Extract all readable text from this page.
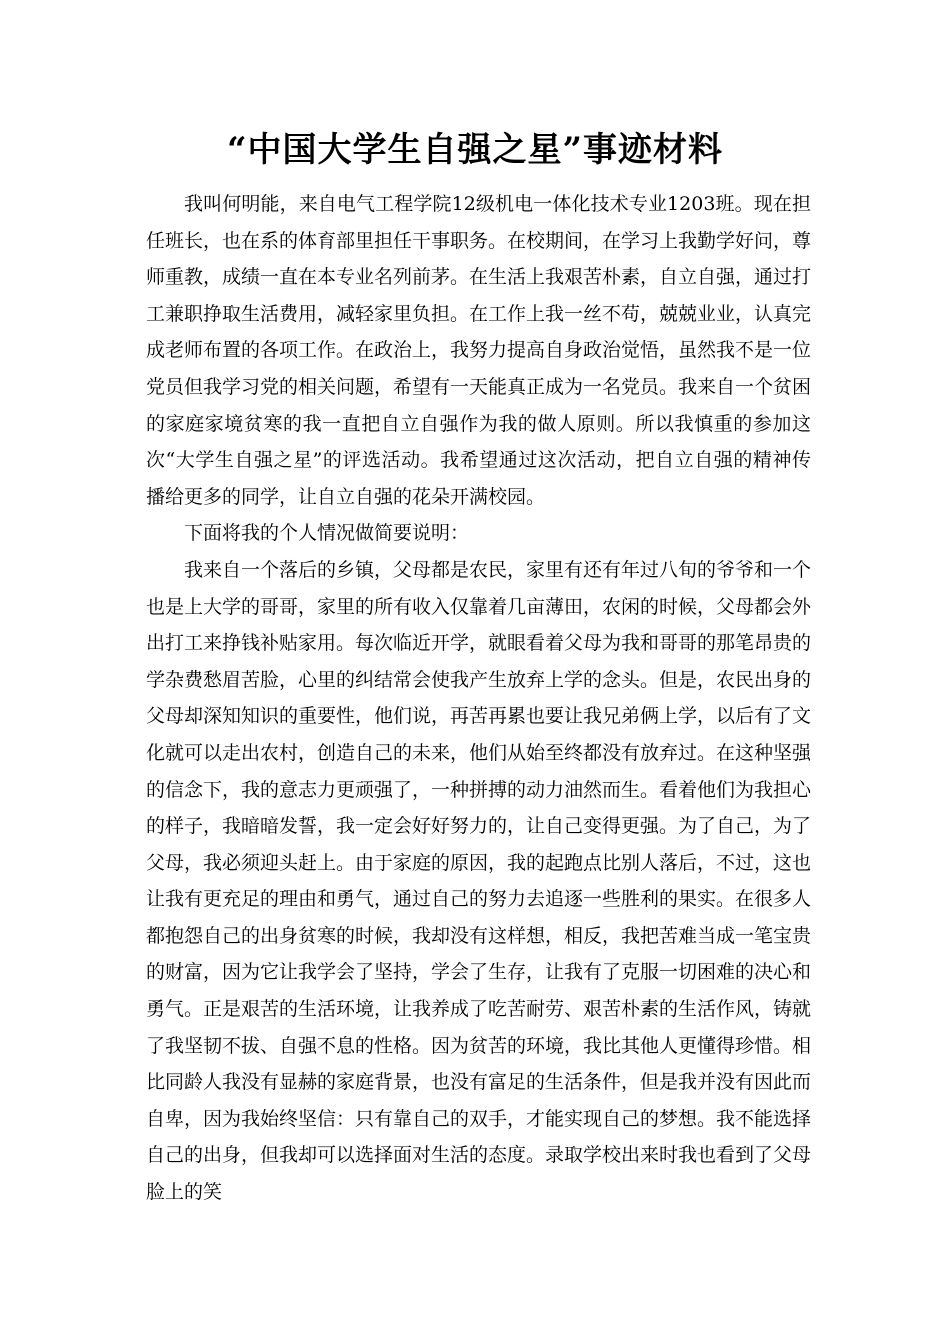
“中国大学生自强之星”事迹材料

我叫何明能，来自电气工程学院12级机电一体化技术专业1203班。现在担任班长，也在系的体育部里担任干事职务。在校期间，在学习上我勤学好问，尊师重教，成绩一直在本专业名列前茅。在生活上我艰苦朴素，自立自强，通过打工兼职挣取生活费用，减轻家里负担。在工作上我一丝不苟，兢兢业业，认真完成老师布置的各项工作。在政治上，我努力提高自身政治觉悟，虽然我不是一位党员但我学习党的相关问题，希望有一天能真正成为一名党员。我来自一个贫困的家庭家境贫寒的我一直把自立自强作为我的做人原则。所以我慎重的参加这次“大学生自强之星”的评选活动。我希望通过这次活动，把自立自强的精神传播给更多的同学，让自立自强的花朵开满校园。

下面将我的个人情况做简要说明：

我来自一个落后的乡镇，父母都是农民，家里有还有年过八旬的爷爷和一个也是上大学的哥哥，家里的所有收入仅靠着几亩薄田，农闲的时候，父母都会外出打工来挣钱补贴家用。每次临近开学，就眼看着父母为我和哥哥的那笔昂贵的学杂费愁眉苦脸，心里的纠结常会使我产生放弃上学的念头。但是，农民出身的父母却深知知识的重要性，他们说，再苦再累也要让我兄弟俩上学，以后有了文化就可以走出农村，创造自己的未来，他们从始至终都没有放弃过。在这种坚强的信念下，我的意志力更顽强了，一种拼搏的动力油然而生。看着他们为我担心的样子，我暗暗发誓，我一定会好好努力的，让自己变得更强。为了自己，为了父母，我必须迎头赶上。由于家庭的原因，我的起跑点比别人落后，不过，这也让我有更充足的理由和勇气，通过自己的努力去追逐一些胜利的果实。在很多人都抱怨自己的出身贫寒的时候，我却没有这样想，相反，我把苦难当成一笔宝贵的财富，因为它让我学会了坚持，学会了生存，让我有了克服一切困难的决心和勇气。正是艰苦的生活环境，让我养成了吃苦耐劳、艰苦朴素的生活作风，铸就了我坚韧不拔、自强不息的性格。因为贫苦的环境，我比其他人更懂得珍惜。相比同龄人我没有显赫的家庭背景，也没有富足的生活条件，但是我并没有因此而自卑，因为我始终坚信：只有靠自己的双手，才能实现自己的梦想。我不能选择自己的出身，但我却可以选择面对生活的态度。录取学校出来时我也看到了父母脸上的笑
